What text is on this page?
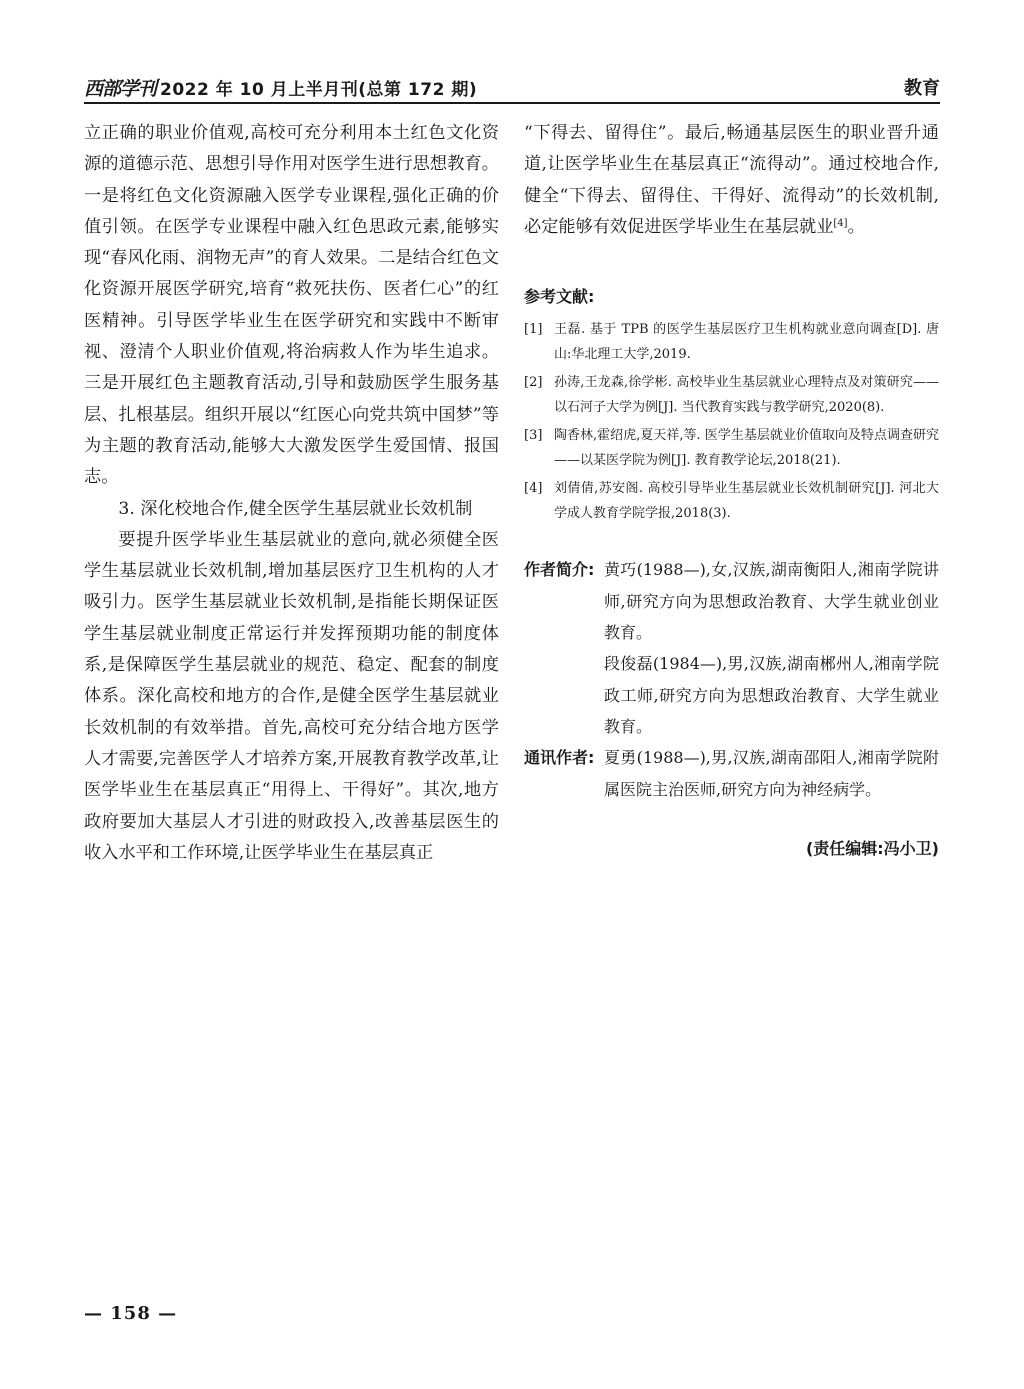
西部学刊 2022 年 10 月上半月刊(总第 172 期)	教育

立正确的职业价值观,高校可充分利用本土红色文化资源的道德示范、思想引导作用对医学生进行思想教育。一是将红色文化资源融入医学专业课程,强化正确的价值引领。在医学专业课程中融入红色思政元素,能够实现“春风化雨、润物无声”的育人效果。二是结合红色文化资源开展医学研究,培育“救死扶伤、医者仁心”的红医精神。引导医学毕业生在医学研究和实践中不断审视、澄清个人职业价值观,将治病救人作为毕生追求。三是开展红色主题教育活动,引导和鼓励医学生服务基层、扎根基层。组织开展以“红医心向党共筑中国梦”等为主题的教育活动,能够大大激发医学生爱国情、报国志。

3. 深化校地合作,健全医学生基层就业长效机制

要提升医学毕业生基层就业的意向,就必须健全医学生基层就业长效机制,增加基层医疗卫生机构的人才吸引力。医学生基层就业长效机制,是指能长期保证医学生基层就业制度正常运行并发挥预期功能的制度体系,是保障医学生基层就业的规范、稳定、配套的制度体系。深化高校和地方的合作,是健全医学生基层就业长效机制的有效举措。首先,高校可充分结合地方医学人才需要,完善医学人才培养方案,开展教育教学改革,让医学毕业生在基层真正“用得上、干得好”。其次,地方政府要加大基层人才引进的财政投入,改善基层医生的收入水平和工作环境,让医学毕业生在基层真正

“下得去、留得住”。最后,畅通基层医生的职业晋升通道,让医学毕业生在基层真正“流得动”。通过校地合作,健全“下得去、留得住、干得好、流得动”的长效机制,必定能够有效促进医学毕业生在基层就业[4]。

参考文献:
[1] 王磊. 基于 TPB 的医学生基层医疗卫生机构就业意向调查[D]. 唐山:华北理工大学,2019.
[2] 孙涛,王龙森,徐学彬. 高校毕业生基层就业心理特点及对策研究——以石河子大学为例[J]. 当代教育实践与教学研究,2020(8).
[3] 陶香林,霍绍虎,夏天祥,等. 医学生基层就业价值取向及特点调查研究——以某医学院为例[J]. 教育教学论坛,2018(21).
[4] 刘倩倩,苏安阁. 高校引导毕业生基层就业长效机制研究[J]. 河北大学成人教育学院学报,2018(3).
作者简介: 黄巧(1988—),女,汉族,湖南衡阳人,湘南学院讲师,研究方向为思想政治教育、大学生就业创业教育。

段俊磊(1984—),男,汉族,湖南郴州人,湘南学院政工师,研究方向为思想政治教育、大学生就业教育。

通讯作者: 夏勇(1988—),男,汉族,湖南邵阳人,湘南学院附属医院主治医师,研究方向为神经病学。

(责任编辑:冯小卫)
— 158 —
